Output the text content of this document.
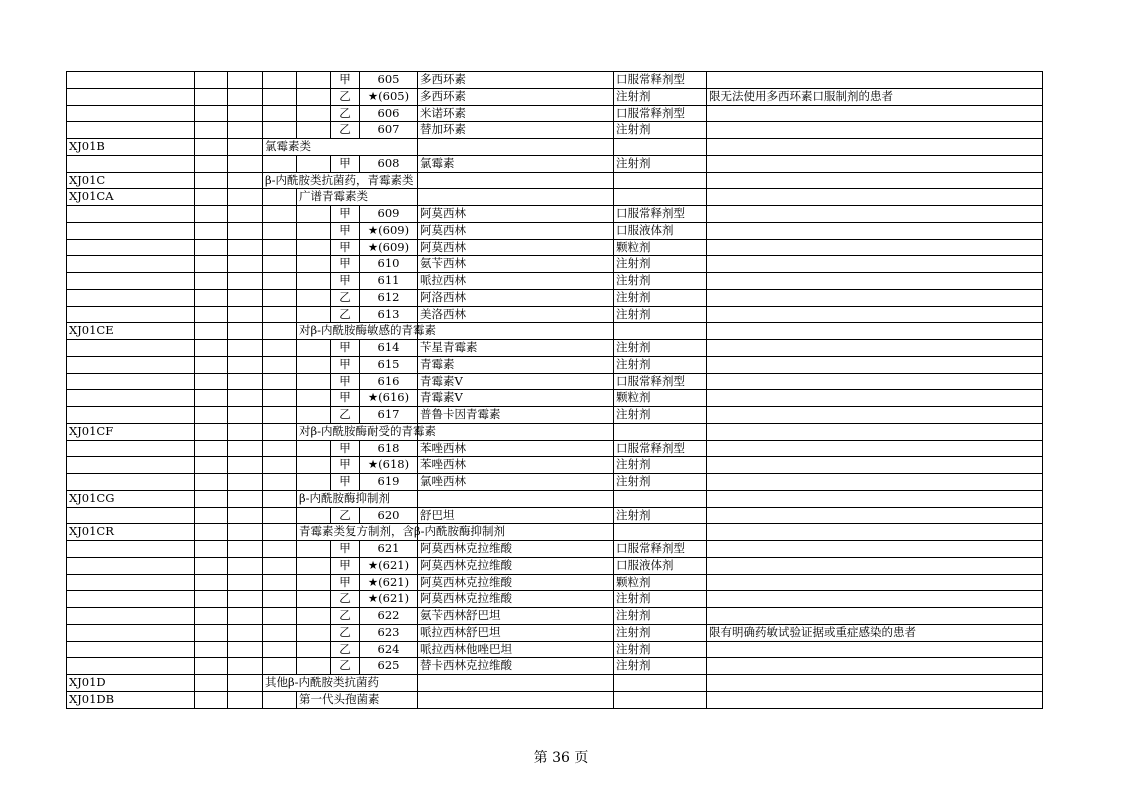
					甲	605	多西环素	口服常释剂型	
					乙	★(605)	多西环素	注射剂	限无法使用多西环素口服制剂的患者
					乙	606	米诺环素	口服常释剂型	
					乙	607	替加环素	注射剂	
XJ01B			氯霉素类						
					甲	608	氯霉素	注射剂	
XJ01C			β-内酰胺类抗菌药，青霉素类						
XJ01CA				广谱青霉素类					
					甲	609	阿莫西林	口服常释剂型	
					甲	★(609)	阿莫西林	口服液体剂	
					甲	★(609)	阿莫西林	颗粒剂	
					甲	610	氨苄西林	注射剂	
					甲	611	哌拉西林	注射剂	
					乙	612	阿洛西林	注射剂	
					乙	613	美洛西林	注射剂	
XJ01CE				对β-内酰胺酶敏感的青霉素					
					甲	614	苄星青霉素	注射剂	
					甲	615	青霉素	注射剂	
					甲	616	青霉素V	口服常释剂型	
					甲	★(616)	青霉素V	颗粒剂	
					乙	617	普鲁卡因青霉素	注射剂	
XJ01CF				对β-内酰胺酶耐受的青霉素					
					甲	618	苯唑西林	口服常释剂型	
					甲	★(618)	苯唑西林	注射剂	
					甲	619	氯唑西林	注射剂	
XJ01CG				β-内酰胺酶抑制剂					
					乙	620	舒巴坦	注射剂	
XJ01CR				青霉素类复方制剂，含β-内酰胺酶抑制剂					
					甲	621	阿莫西林克拉维酸	口服常释剂型	
					甲	★(621)	阿莫西林克拉维酸	口服液体剂	
					甲	★(621)	阿莫西林克拉维酸	颗粒剂	
					乙	★(621)	阿莫西林克拉维酸	注射剂	
					乙	622	氨苄西林舒巴坦	注射剂	
					乙	623	哌拉西林舒巴坦	注射剂	限有明确药敏试验证据或重症感染的患者
					乙	624	哌拉西林他唑巴坦	注射剂	
					乙	625	替卡西林克拉维酸	注射剂	
XJ01D			其他β-内酰胺类抗菌药						
XJ01DB				第一代头孢菌素					
第 36 页
